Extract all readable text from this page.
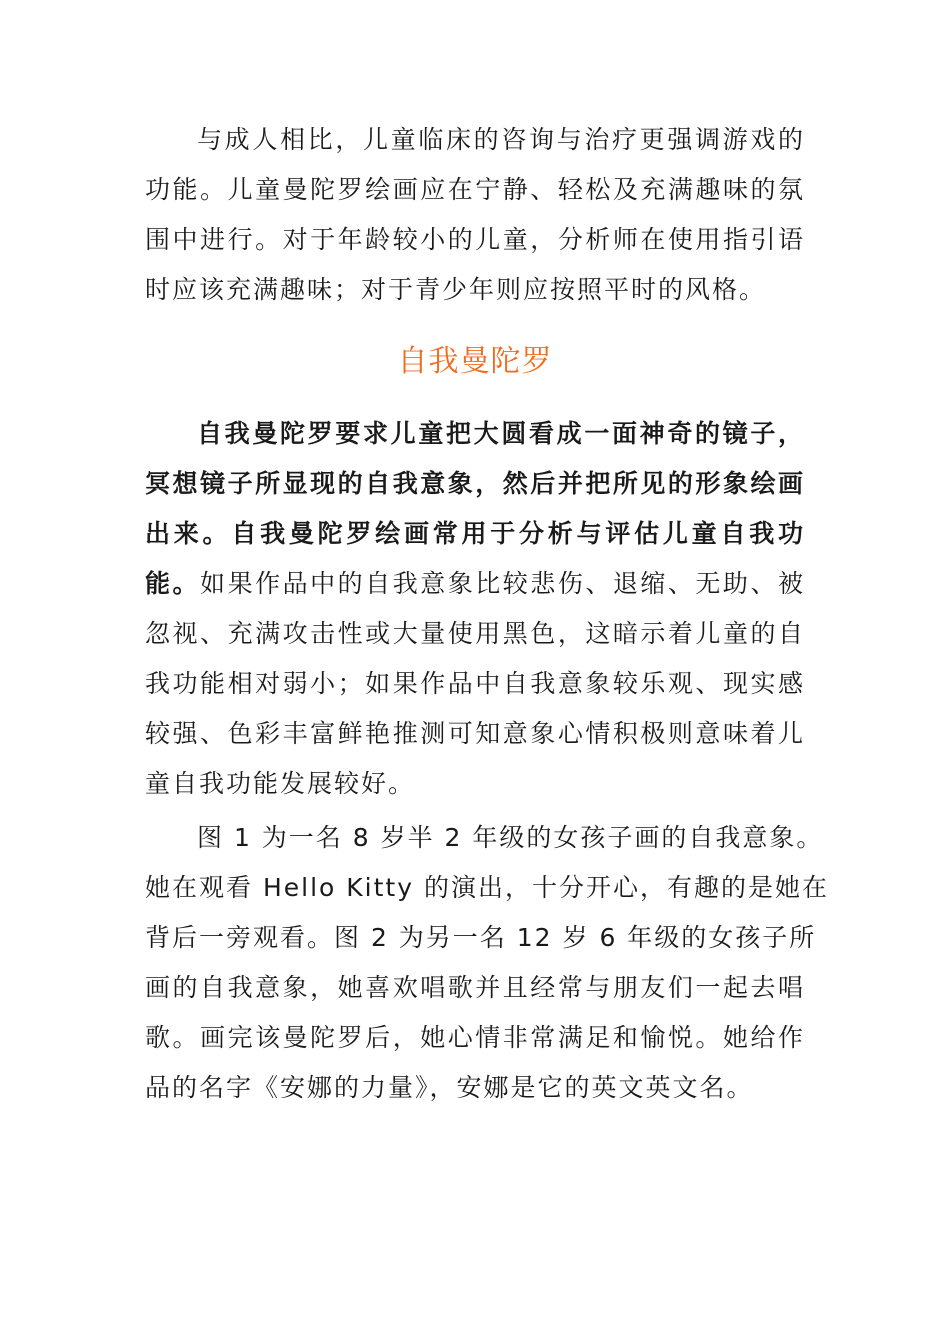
与成人相比，儿童临床的咨询与治疗更强调游戏的
功能。儿童曼陀罗绘画应在宁静、轻松及充满趣味的氛
围中进行。对于年龄较小的儿童，分析师在使用指引语
时应该充满趣味；对于青少年则应按照平时的风格。
自我曼陀罗
自我曼陀罗要求儿童把大圆看成一面神奇的镜子，
冥想镜子所显现的自我意象，然后并把所见的形象绘画
出来。自我曼陀罗绘画常用于分析与评估儿童自我功
能。如果作品中的自我意象比较悲伤、退缩、无助、被
忽视、充满攻击性或大量使用黑色，这暗示着儿童的自
我功能相对弱小；如果作品中自我意象较乐观、现实感
较强、色彩丰富鲜艳推测可知意象心情积极则意味着儿
童自我功能发展较好。
图 1 为一名 8 岁半 2 年级的女孩子画的自我意象。
她在观看 Hello Kitty 的演出，十分开心，有趣的是她在
背后一旁观看。图 2 为另一名 12 岁 6 年级的女孩子所
画的自我意象，她喜欢唱歌并且经常与朋友们一起去唱
歌。画完该曼陀罗后，她心情非常满足和愉悦。她给作
品的名字《安娜的力量》，安娜是它的英文英文名。
